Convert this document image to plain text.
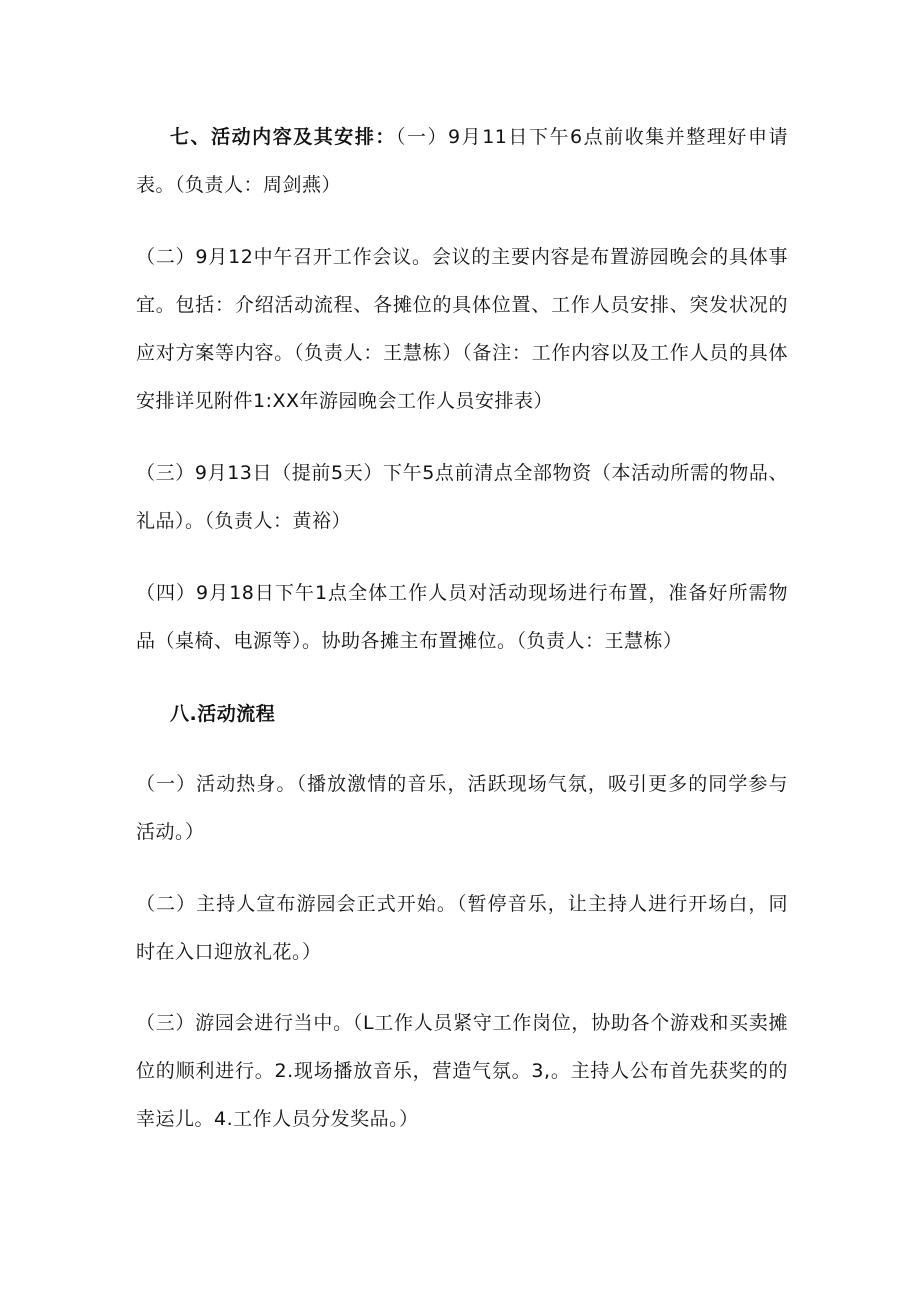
七、活动内容及其安排：（一）9月11日下午6点前收集并整理好申请表。（负责人：周剑燕）

（二）9月12中午召开工作会议。会议的主要内容是布置游园晚会的具体事宜。包括：介绍活动流程、各摊位的具体位置、工作人员安排、突发状况的应对方案等内容。（负责人：王慧栋）（备注：工作内容以及工作人员的具体安排详见附件1:XX年游园晚会工作人员安排表）

（三）9月13日（提前5天）下午5点前清点全部物资（本活动所需的物品、礼品）。（负责人：黄裕）

（四）9月18日下午1点全体工作人员对活动现场进行布置，准备好所需物品（桌椅、电源等）。协助各摊主布置摊位。（负责人：王慧栋）

八.活动流程

（一）活动热身。（播放激情的音乐，活跃现场气氛，吸引更多的同学参与活动。）

（二）主持人宣布游园会正式开始。（暂停音乐，让主持人进行开场白，同时在入口迎放礼花。）

（三）游园会进行当中。（L工作人员紧守工作岗位，协助各个游戏和买卖摊位的顺利进行。2.现场播放音乐，营造气氛。3,。主持人公布首先获奖的的幸运儿。4.工作人员分发奖品。）
